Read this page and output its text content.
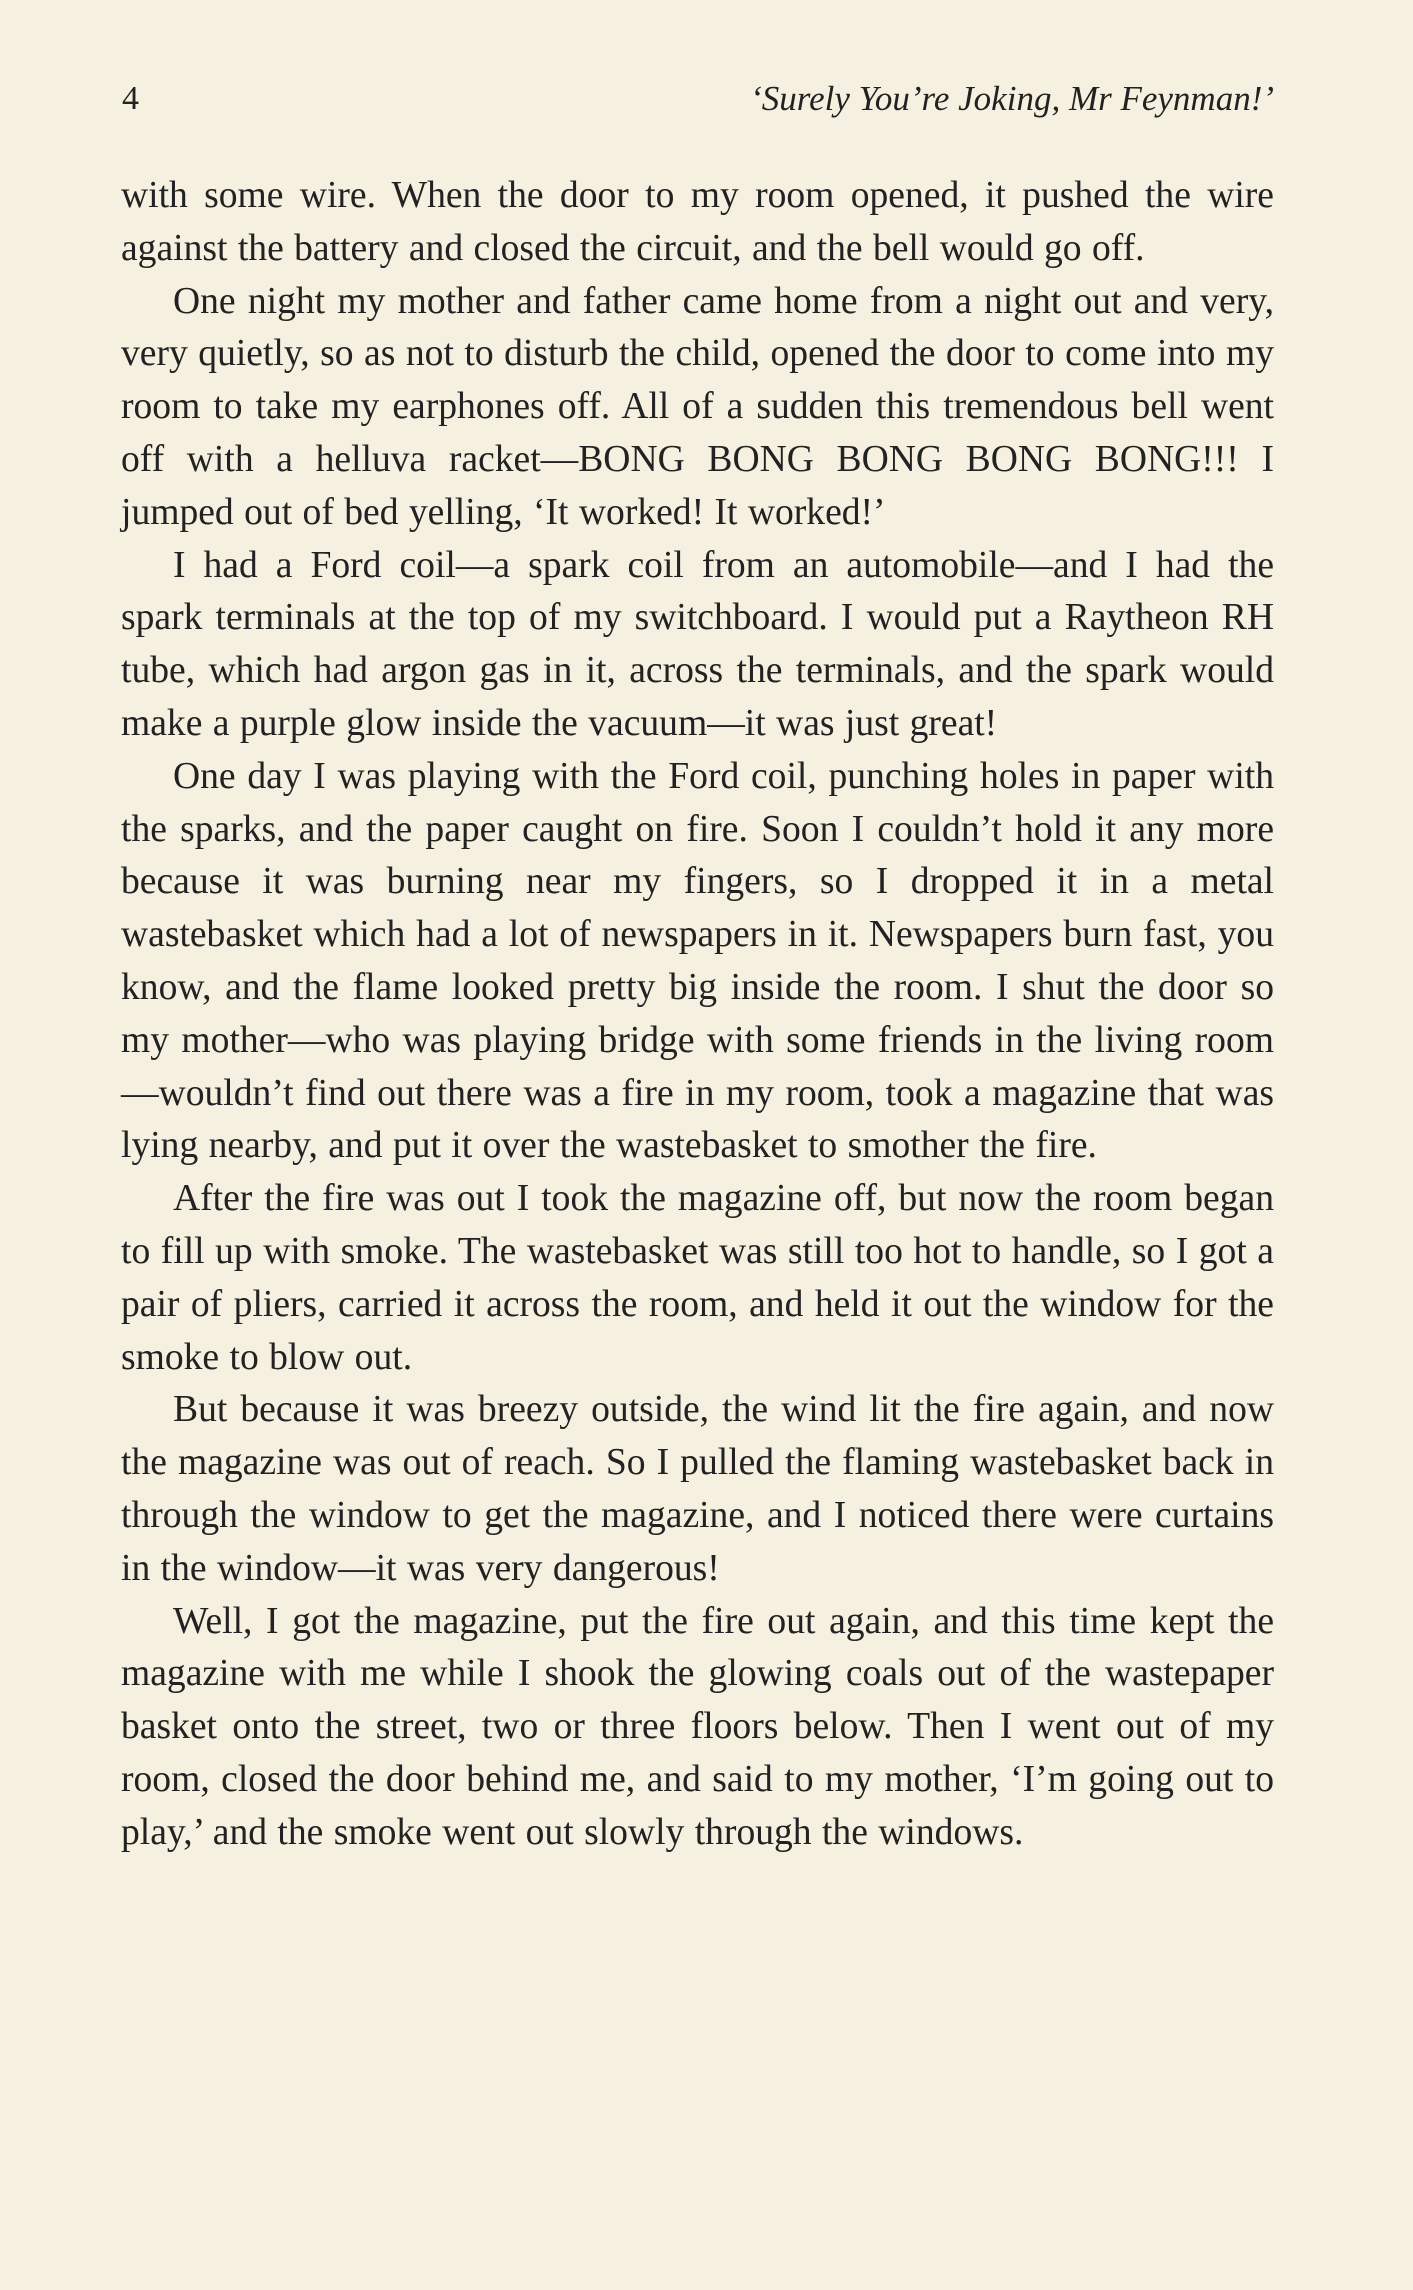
4	‘Surely You’re Joking, Mr Feynman!’

with some wire. When the door to my room opened, it pushed the wire against the battery and closed the circuit, and the bell would go off.

One night my mother and father came home from a night out and very, very quietly, so as not to disturb the child, opened the door to come into my room to take my earphones off. All of a sudden this tremendous bell went off with a helluva racket—BONG BONG BONG BONG BONG!!! I jumped out of bed yelling, ‘It worked! It worked!’

I had a Ford coil—a spark coil from an automobile—and I had the spark terminals at the top of my switchboard. I would put a Raytheon RH tube, which had argon gas in it, across the terminals, and the spark would make a purple glow inside the vacuum—it was just great!

One day I was playing with the Ford coil, punching holes in paper with the sparks, and the paper caught on fire. Soon I couldn’t hold it any more because it was burning near my fingers, so I dropped it in a metal wastebasket which had a lot of newspapers in it. Newspapers burn fast, you know, and the flame looked pretty big inside the room. I shut the door so my mother—who was playing bridge with some friends in the living room—wouldn’t find out there was a fire in my room, took a magazine that was lying nearby, and put it over the wastebasket to smother the fire.

After the fire was out I took the magazine off, but now the room began to fill up with smoke. The wastebasket was still too hot to handle, so I got a pair of pliers, carried it across the room, and held it out the window for the smoke to blow out.

But because it was breezy outside, the wind lit the fire again, and now the magazine was out of reach. So I pulled the flaming wastebasket back in through the window to get the magazine, and I noticed there were curtains in the window—it was very dangerous!

Well, I got the magazine, put the fire out again, and this time kept the magazine with me while I shook the glowing coals out of the wastepaper basket onto the street, two or three floors below. Then I went out of my room, closed the door behind me, and said to my mother, ‘I’m going out to play,’ and the smoke went out slowly through the windows.
